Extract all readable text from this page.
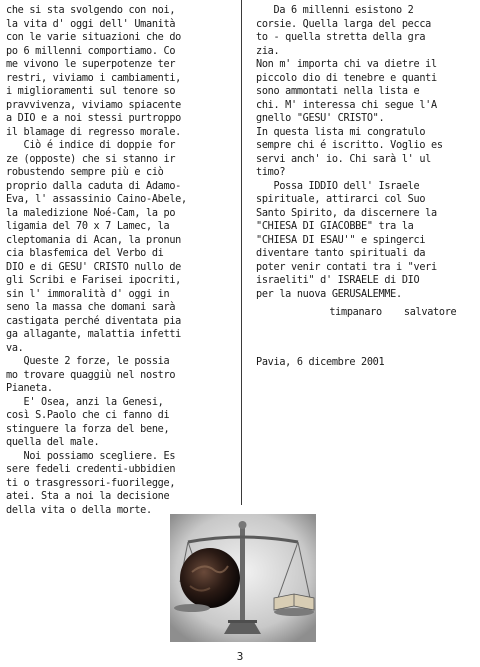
che si sta svolgendo con noi,
la vita d' oggi dell' Umanità
con le varie situazioni che do
po 6 millenni comportiamo. Co
me vivono le superpotenze ter
restri, viviamo i cambiamenti,
i miglioramenti sul tenore so
pravvivenza, viviamo spiacente
a DIO e a noi stessi purtroppo
il blamage di regresso morale.
Ciò é indice di doppie for
ze (opposte) che si stanno ir
robustendo sempre più e ciò
proprio dalla caduta di Adamo-
Eva, l' assassinio Caino-Abele,
la maledizione Noé-Cam, la po
ligamia del 70 x 7 Lamec, la
cleptomania di Acan, la pronun
cia blasfemica del Verbo di
DIO e di GESU' CRISTO nullo de
gli Scribi e Farisei ipocriti,
sin l' immoralità d' oggi in
seno la massa che domani sarà
castigata perché diventata pia
ga allagante, malattia infetti
va.
Queste 2 forze, le possia
mo trovare quaggiù nel nostro
Pianeta.
E' Osea, anzi la Genesi,
così S.Paolo che ci fanno di
stinguere la forza del bene,
quella del male.
Noi possiamo scegliere. Es
sere fedeli credenti-ubbidien
ti o trasgressori-fuorilegge,
atei. Sta a noi la decisione
della vita o della morte.
Da 6 millenni esistono 2
corsie. Quella larga del pecca
to - quella stretta della gra
zia.
Non m' importa chi va dietre il
piccolo dio di tenebre e quanti
sono ammontati nella lista e
chi. M' interessa chi segue l'A
gnello "GESU' CRISTO".
In questa lista mi congratulo
sempre chi é iscritto. Voglio es
servi anch' io. Chi sarà l' ul
timo?
Possa IDDIO dell' Israele
spirituale, attirarci col Suo
Santo Spirito, da discernere la
"CHIESA DI GIACOBBE" tra la
"CHIESA DI ESAU'" e spingerci
diventare tanto spirituali da
poter venir contati tra i "veri
israeliti" d' ISRAELE di DIO
per la nuova GERUSALEMME.

timpanaro salvatore

Pavia, 6 dicembre 2001
3
